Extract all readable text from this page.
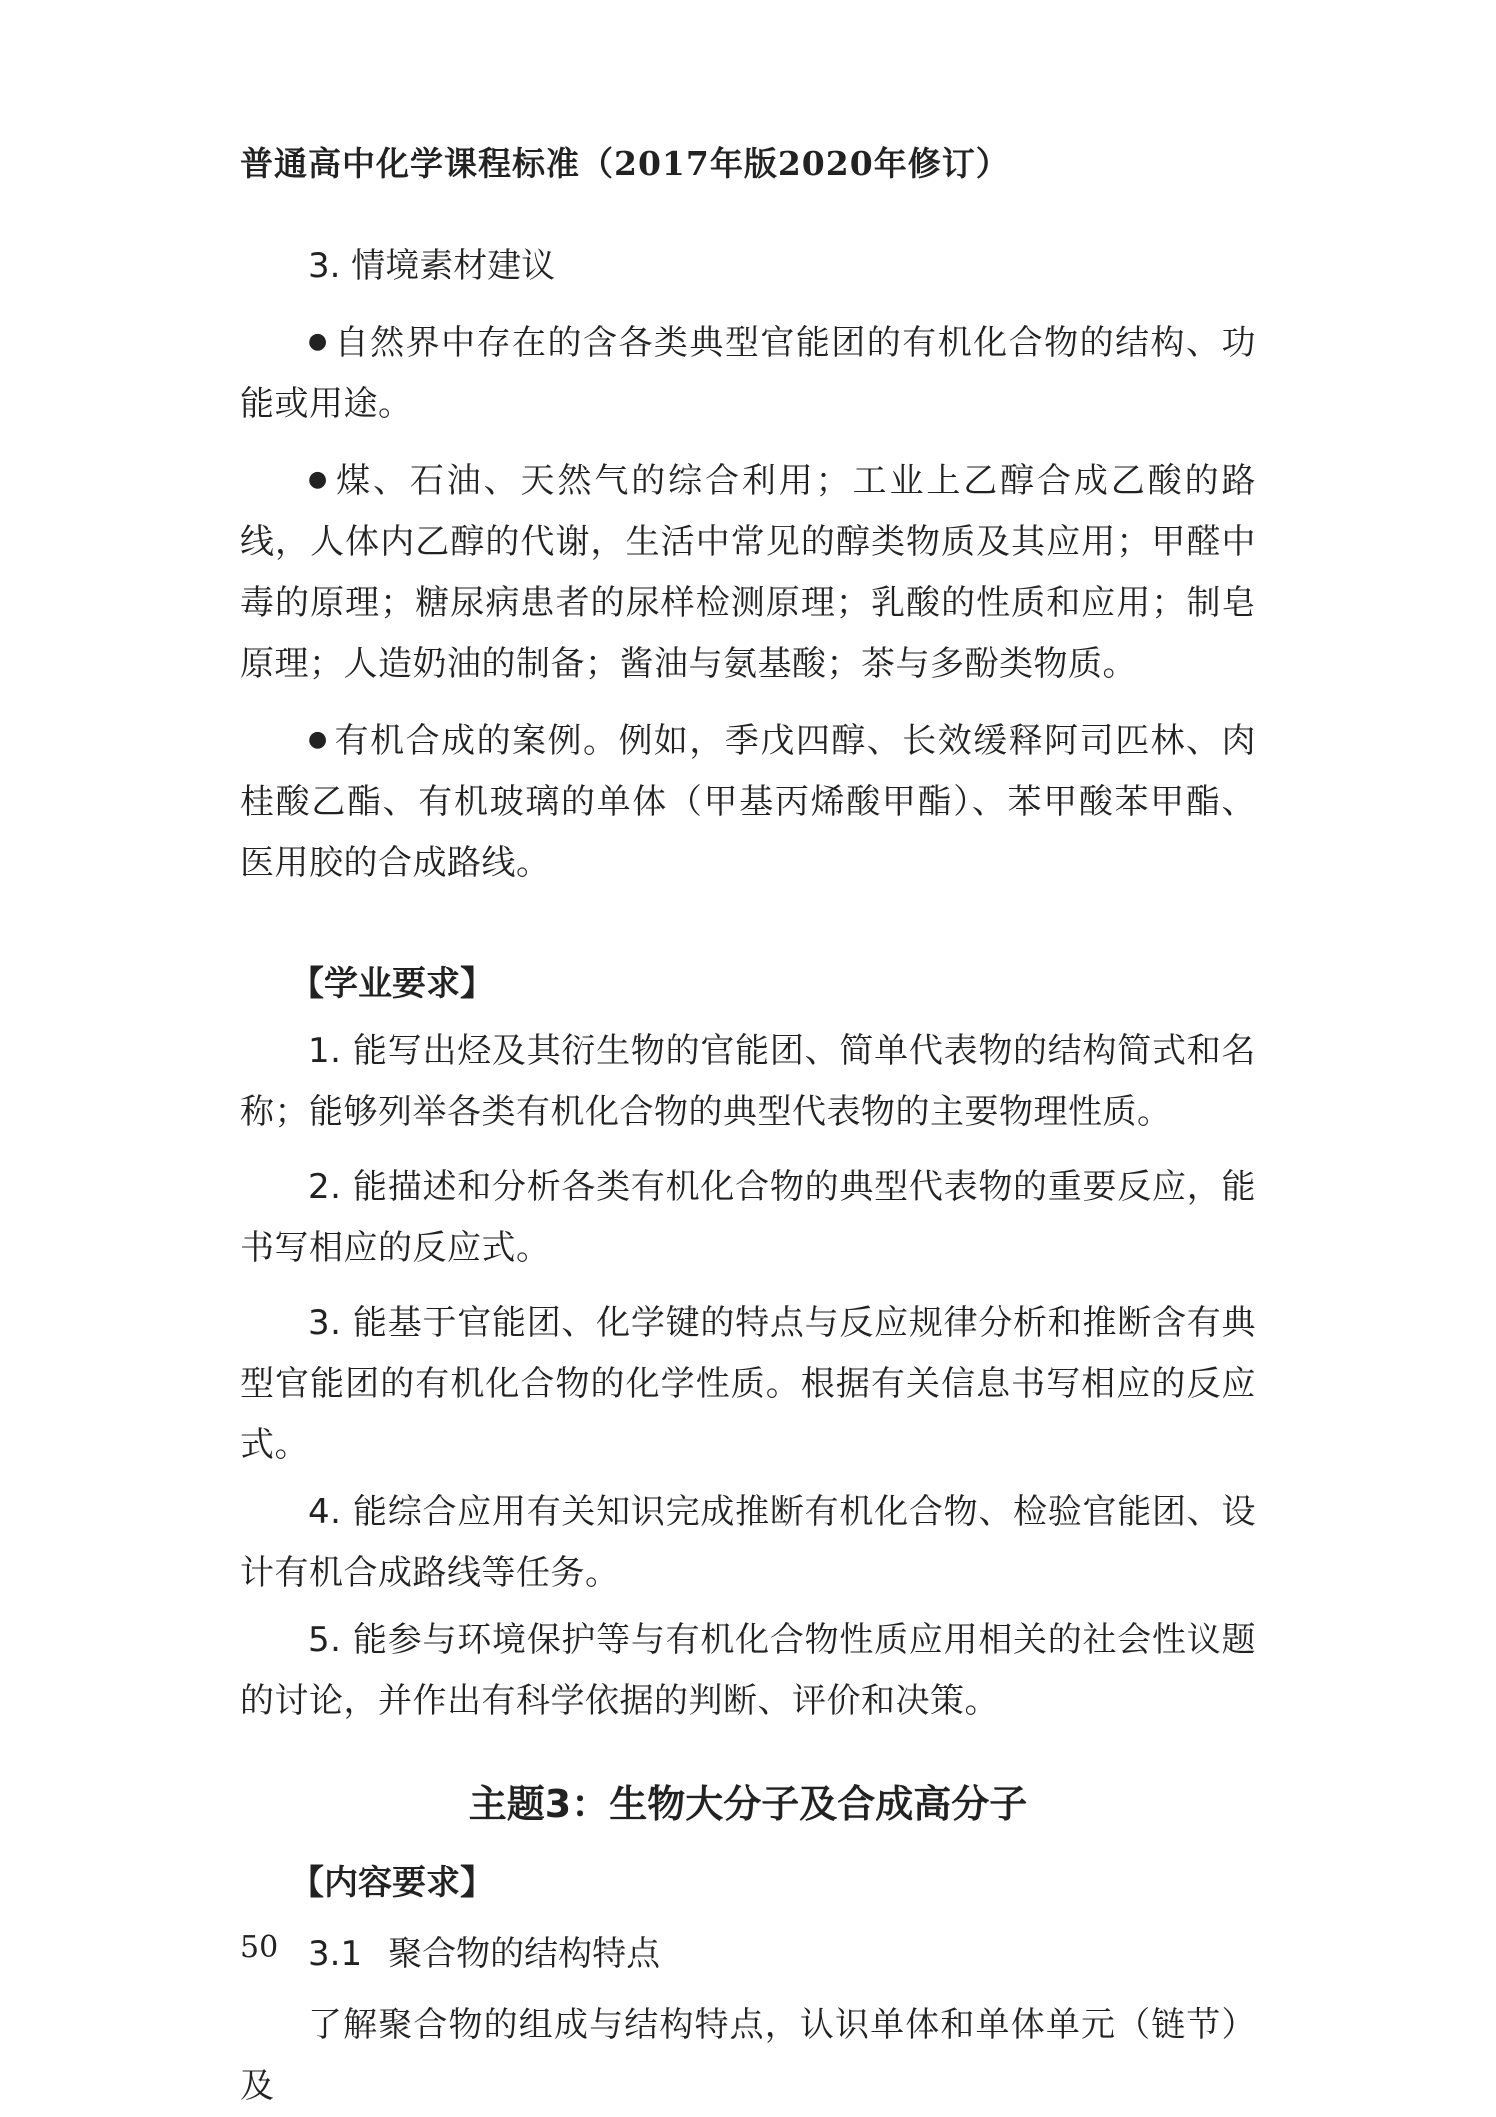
普通高中化学课程标准（2017年版2020年修订）

3. 情境素材建议

● 自然界中存在的含各类典型官能团的有机化合物的结构、功能或用途。

● 煤、石油、天然气的综合利用；工业上乙醇合成乙酸的路线，人体内乙醇的代谢，生活中常见的醇类物质及其应用；甲醛中毒的原理；糖尿病患者的尿样检测原理；乳酸的性质和应用；制皂原理；人造奶油的制备；酱油与氨基酸；茶与多酚类物质。

● 有机合成的案例。例如，季戊四醇、长效缓释阿司匹林、肉桂酸乙酯、有机玻璃的单体（甲基丙烯酸甲酯）、苯甲酸苯甲酯、医用胶的合成路线。

【学业要求】

1. 能写出烃及其衍生物的官能团、简单代表物的结构简式和名称；能够列举各类有机化合物的典型代表物的主要物理性质。

2. 能描述和分析各类有机化合物的典型代表物的重要反应，能书写相应的反应式。

3. 能基于官能团、化学键的特点与反应规律分析和推断含有典型官能团的有机化合物的化学性质。根据有关信息书写相应的反应式。

4. 能综合应用有关知识完成推断有机化合物、检验官能团、设计有机合成路线等任务。

5. 能参与环境保护等与有机化合物性质应用相关的社会性议题的讨论，并作出有科学依据的判断、评价和决策。

主题3：生物大分子及合成高分子

【内容要求】

3.1 聚合物的结构特点

了解聚合物的组成与结构特点，认识单体和单体单元（链节）及

50
